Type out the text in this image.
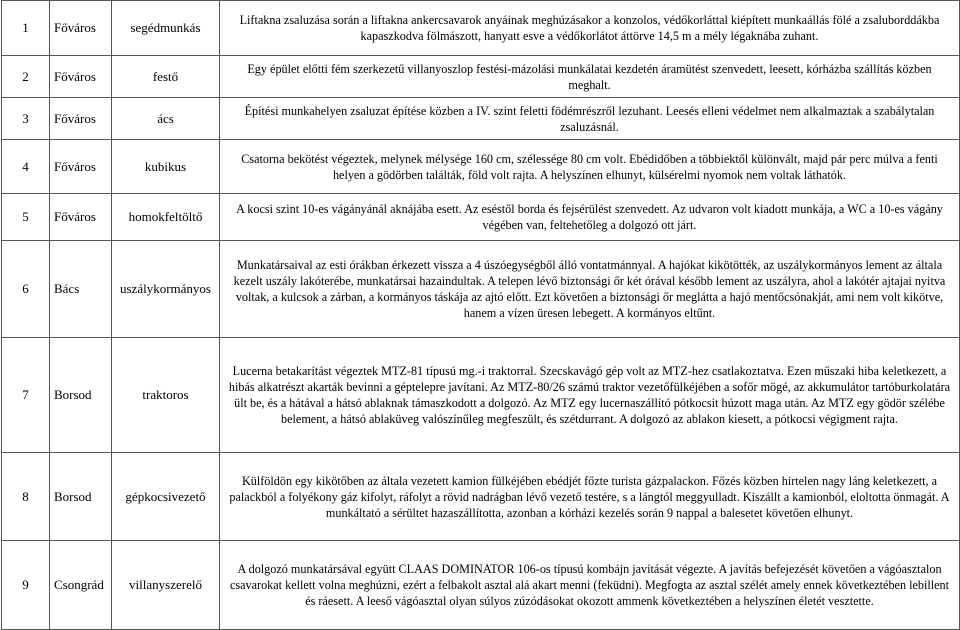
1	Főváros	segédmunkás	Liftakna zsaluzása során a liftakna ankercsavarok anyáinak meghúzásakor a konzolos, védőkorláttal kiépített munkaállás fölé a zsaluborddákba kapaszkodva fölmászott, hanyatt esve a védőkorlátot áttörve 14,5 m a mély légaknába zuhant.
2	Főváros	festő	Egy épület előtti fém szerkezetű villanyoszlop festési-mázolási munkálatai kezdetén áramütést szenvedett, leesett, kórházba szállítás közben meghalt.
3	Főváros	ács	Építési munkahelyen zsaluzat építése közben a IV. szint feletti födémrészről lezuhant. Leesés elleni védelmet nem alkalmaztak a szabálytalan zsaluzásnál.
4	Főváros	kubikus	Csatorna bekötést végeztek, melynek mélysége 160 cm, szélessége 80 cm volt. Ebédidőben a többiektől különvált, majd pár perc múlva a fenti helyen a gödörben találták, föld volt rajta. A helyszínen elhunyt, külsérelmi nyomok nem voltak láthatók.
5	Főváros	homokfeltöltő	A kocsi szint 10-es vágányánál aknájába esett. Az eséstől borda és fejsérülést szenvedett. Az udvaron volt kiadott munkája, a WC a 10-es vágány végében van, feltehetőleg a dolgozó ott járt.
6	Bács	uszálykormányos	Munkatársaival az esti órákban érkezett vissza a 4 úszóegységből álló vontatmánnyal. A hajókat kikötötték, az uszálykormányos lement az általa kezelt uszály lakóterébe, munkatársai hazaindultak. A telepen lévő biztonsági őr két órával később lement az uszályra, ahol a lakótér ajtajai nyitva voltak, a kulcsok a zárban, a kormányos táskája az ajtó előtt. Ezt követően a biztonsági őr meglátta a hajó mentőcsónakját, ami nem volt kikötve, hanem a vízen üresen lebegett. A kormányos eltűnt.
7	Borsod	traktoros	Lucerna betakarítást végeztek MTZ-81 típusú mg.-i traktorral. Szecskavágó gép volt az MTZ-hez csatlakoztatva. Ezen műszaki hiba keletkezett, a hibás alkatrészt akarták bevinni a géptelepre javítani. Az MTZ-80/26 számú traktor vezetőfülkéjében a sofőr mögé, az akkumulátor tartóburkolatára ült be, és a hátával a hátsó ablaknak támaszkodott a dolgozó. Az MTZ egy lucernaszállító pótkocsit húzott maga után. Az MTZ egy gödör szélébe belement, a hátsó ablaküveg valószínűleg megfeszült, és szétdurrant. A dolgozó az ablakon kiesett, a pótkocsi végigment rajta.
8	Borsod	gépkocsivezető	Külföldön egy kikötőben az általa vezetett kamion fülkéjében ebédjét főzte turista gázpalackon. Főzés közben hirtelen nagy láng keletkezett, a palackból a folyékony gáz kifolyt, ráfolyt a rövid nadrágban lévő vezető testére, s a lángtól meggyulladt. Kiszállt a kamionból, eloltotta önmagát. A munkáltató a sérültet hazaszállította, azonban a kórházi kezelés során 9 nappal a balesetet követően elhunyt.
9	Csongrád	villanyszerelő	A dolgozó munkatársával együtt CLAAS DOMINATOR 106-os típusú kombájn javítását végezte. A javítás befejezését követően a vágóasztalon csavarokat kellett volna meghúzni, ezért a felbakolt asztal alá akart menni (feküdni). Megfogta az asztal szélét amely ennek következtében lebillent és ráesett. A leeső vágóasztal olyan súlyos zúzódásokat okozott ammenk következtében a helyszínen életét vesztette.
